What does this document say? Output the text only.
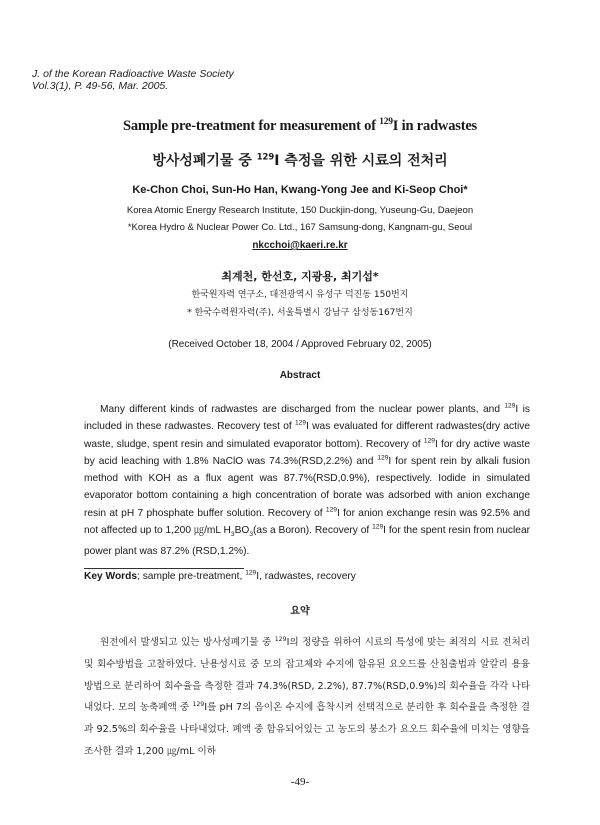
J. of the Korean Radioactive Waste Society
Vol.3(1), P. 49-56, Mar. 2005.
Sample pre-treatment for measurement of $^{129}$I in radwastes
방사성폐기물 중 $^{129}$I 측정을 위한 시료의 전처리
Ke-Chon Choi, Sun-Ho Han, Kwang-Yong Jee and Ki-Seop Choi*
Korea Atomic Energy Research Institute, 150 Duckjin-dong, Yuseung-Gu, Daejeon
*Korea Hydro & Nuclear Power Co. Ltd., 167 Samsung-dong, Kangnam-gu, Seoul
nkcchoi@kaeri.re.kr
최계천, 한선호, 지광용, 최기섭*
한국원자력 연구소, 대전광역시 유성구 덕진동 150번지
* 한국수력원자력(주), 서울특별시 강남구 삼성동167번지
(Received October 18, 2004 / Approved February 02, 2005)
Abstract

Many different kinds of radwastes are discharged from the nuclear power plants, and $^{129}$I is included in these radwastes. Recovery test of $^{129}$I was evaluated for different radwastes(dry active waste, sludge, spent resin and simulated evaporator bottom). Recovery of $^{129}$I for dry active waste by acid leaching with 1.8% NaClO was 74.3%(RSD,2.2%) and $^{129}$I for spent rein by alkali fusion method with KOH as a flux agent was 87.7%(RSD,0.9%), respectively. Iodide in simulated evaporator bottom containing a high concentration of borate was adsorbed with anion exchange resin at pH 7 phosphate buffer solution. Recovery of $^{129}$I for anion exchange resin was 92.5% and not affected up to 1,200 ㎍/mL $H_3BO_3(as$ a Boron). Recovery of $^{129}$I for the spent resin from nuclear power plant was 87.2% (RSD,1.2%).

Key Words; sample pre-treatment, $^{129}$I, radwastes, recovery
요약

원전에서 발생되고 있는 방사성폐기물 중 $^{129}$I의 정량을 위하여 시료의 특성에 맞는 최적의 시료 전처리 및 회수방법을 고찰하였다. 난용성시료 중 모의 잡고체와 수지에 함유된 요오드를 산침출법과 알칼리 용융방법으로 분리하여 회수율을 측정한 결과 74.3%(RSD, 2.2%), 87.7%(RSD,0.9%)의 회수율을 각각 나타내었다. 모의 농축폐액 중 $^{129}$I를 pH 7의 음이온 수지에 흡착시켜 선택적으로 분리한 후 회수율을 측정한 결과 92.5%의 회수율을 나타내었다. 폐액 중 함유되어있는 고 농도의 붕소가 요오드 회수율에 미치는 영향을 조사한 결과 1,200 ㎍/mL 이하

-49-
